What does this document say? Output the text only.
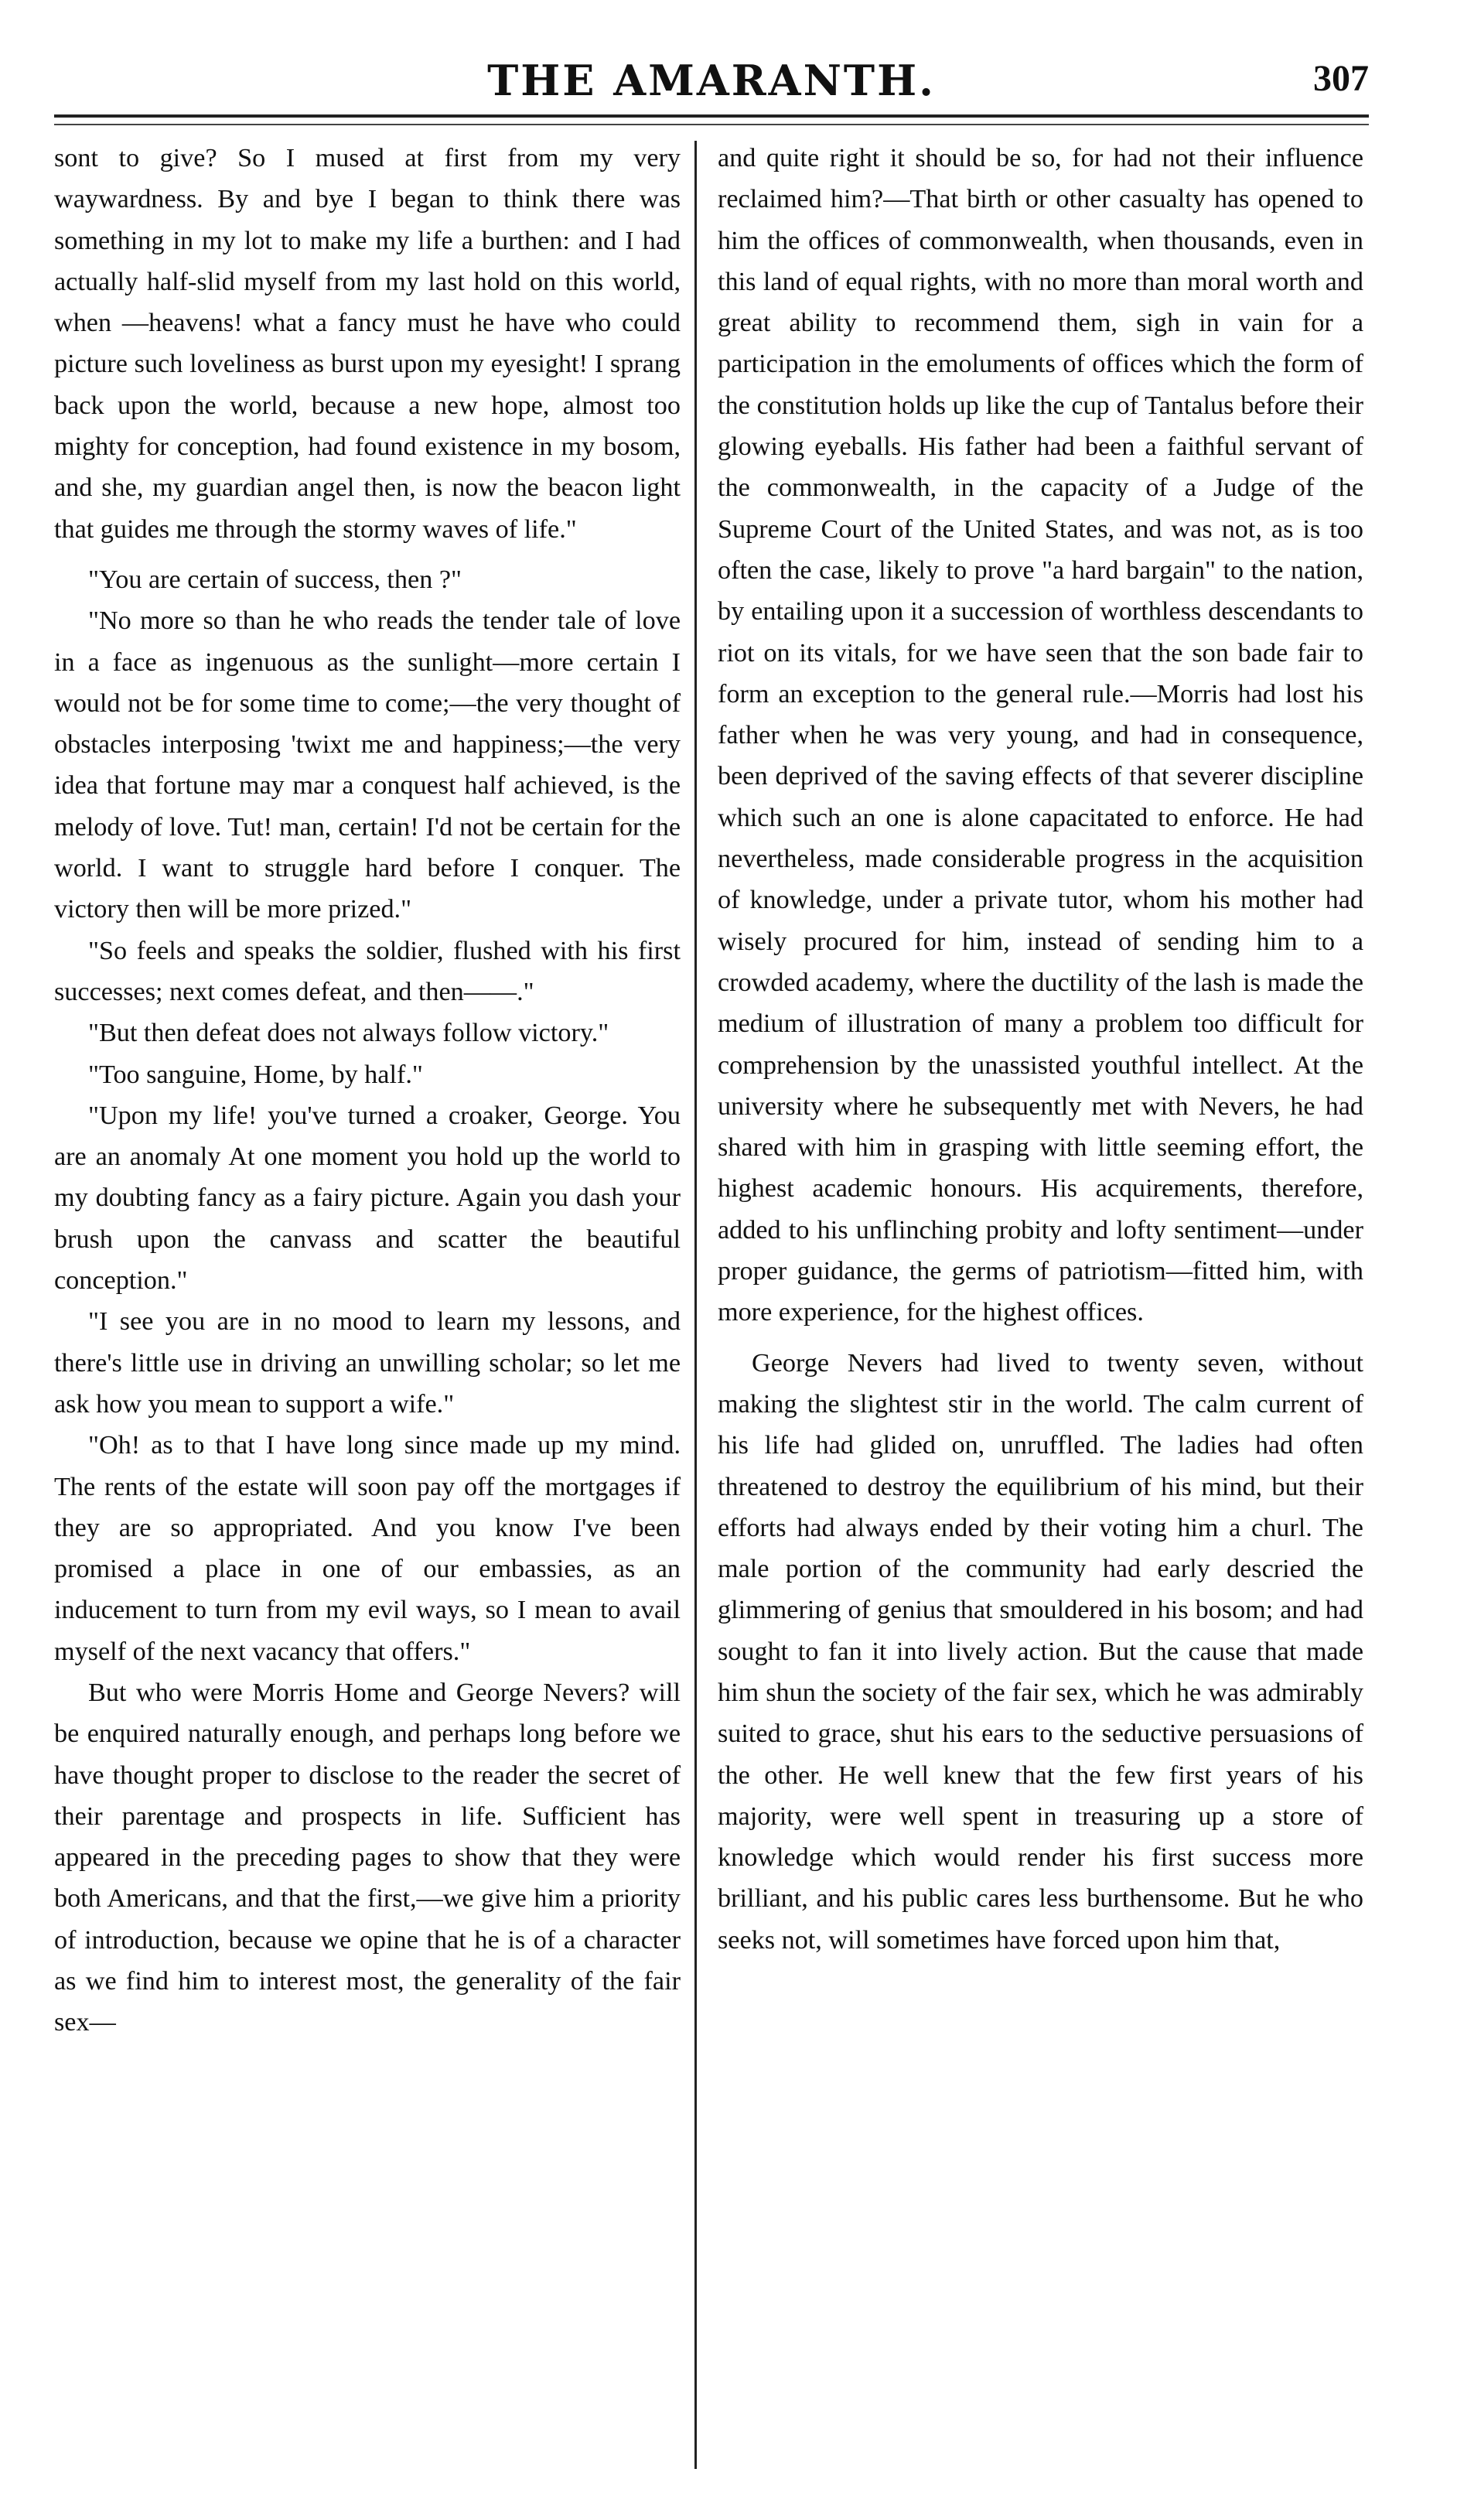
THE AMARANTH.	307

sont to give? So I mused at first from my very waywardness. By and bye I began to think there was something in my lot to make my life a burthen: and I had actually half-slid myself from my last hold on this world, when —heavens! what a fancy must he have who could picture such loveliness as burst upon my eyesight! I sprang back upon the world, because a new hope, almost too mighty for conception, had found existence in my bosom, and she, my guardian angel then, is now the beacon light that guides me through the stormy waves of life."

"You are certain of success, then ?"

"No more so than he who reads the tender tale of love in a face as ingenuous as the sunlight—more certain I would not be for some time to come;—the very thought of obstacles interposing 'twixt me and happiness;—the very idea that fortune may mar a conquest half achieved, is the melody of love. Tut! man, certain! I'd not be certain for the world. I want to struggle hard before I conquer. The victory then will be more prized."

"So feels and speaks the soldier, flushed with his first successes; next comes defeat, and then——."

"But then defeat does not always follow victory."

"Too sanguine, Home, by half."

"Upon my life! you've turned a croaker, George. You are an anomaly At one moment you hold up the world to my doubting fancy as a fairy picture. Again you dash your brush upon the canvass and scatter the beautiful conception."

"I see you are in no mood to learn my lessons, and there's little use in driving an unwilling scholar; so let me ask how you mean to support a wife."

"Oh! as to that I have long since made up my mind. The rents of the estate will soon pay off the mortgages if they are so appropriated. And you know I've been promised a place in one of our embassies, as an inducement to turn from my evil ways, so I mean to avail myself of the next vacancy that offers."

But who were Morris Home and George Nevers? will be enquired naturally enough, and perhaps long before we have thought proper to disclose to the reader the secret of their parentage and prospects in life. Sufficient has appeared in the preceding pages to show that they were both Americans, and that the first,—we give him a priority of introduction, because we opine that he is of a character as we find him to interest most, the generality of the fair sex—

and quite right it should be so, for had not their influence reclaimed him?—That birth or other casualty has opened to him the offices of commonwealth, when thousands, even in this land of equal rights, with no more than moral worth and great ability to recommend them, sigh in vain for a participation in the emoluments of offices which the form of the constitution holds up like the cup of Tantalus before their glowing eyeballs. His father had been a faithful servant of the commonwealth, in the capacity of a Judge of the Supreme Court of the United States, and was not, as is too often the case, likely to prove "a hard bargain" to the nation, by entailing upon it a succession of worthless descendants to riot on its vitals, for we have seen that the son bade fair to form an exception to the general rule.—Morris had lost his father when he was very young, and had in consequence, been deprived of the saving effects of that severer discipline which such an one is alone capacitated to enforce. He had nevertheless, made considerable progress in the acquisition of knowledge, under a private tutor, whom his mother had wisely procured for him, instead of sending him to a crowded academy, where the ductility of the lash is made the medium of illustration of many a problem too difficult for comprehension by the unassisted youthful intellect. At the university where he subsequently met with Nevers, he had shared with him in grasping with little seeming effort, the highest academic honours. His acquirements, therefore, added to his unflinching probity and lofty sentiment—under proper guidance, the germs of patriotism—fitted him, with more experience, for the highest offices.

George Nevers had lived to twenty seven, without making the slightest stir in the world. The calm current of his life had glided on, unruffled. The ladies had often threatened to destroy the equilibrium of his mind, but their efforts had always ended by their voting him a churl. The male portion of the community had early descried the glimmering of genius that smouldered in his bosom; and had sought to fan it into lively action. But the cause that made him shun the society of the fair sex, which he was admirably suited to grace, shut his ears to the seductive persuasions of the other. He well knew that the few first years of his majority, were well spent in treasuring up a store of knowledge which would render his first success more brilliant, and his public cares less burthensome. But he who seeks not, will sometimes have forced upon him that,
